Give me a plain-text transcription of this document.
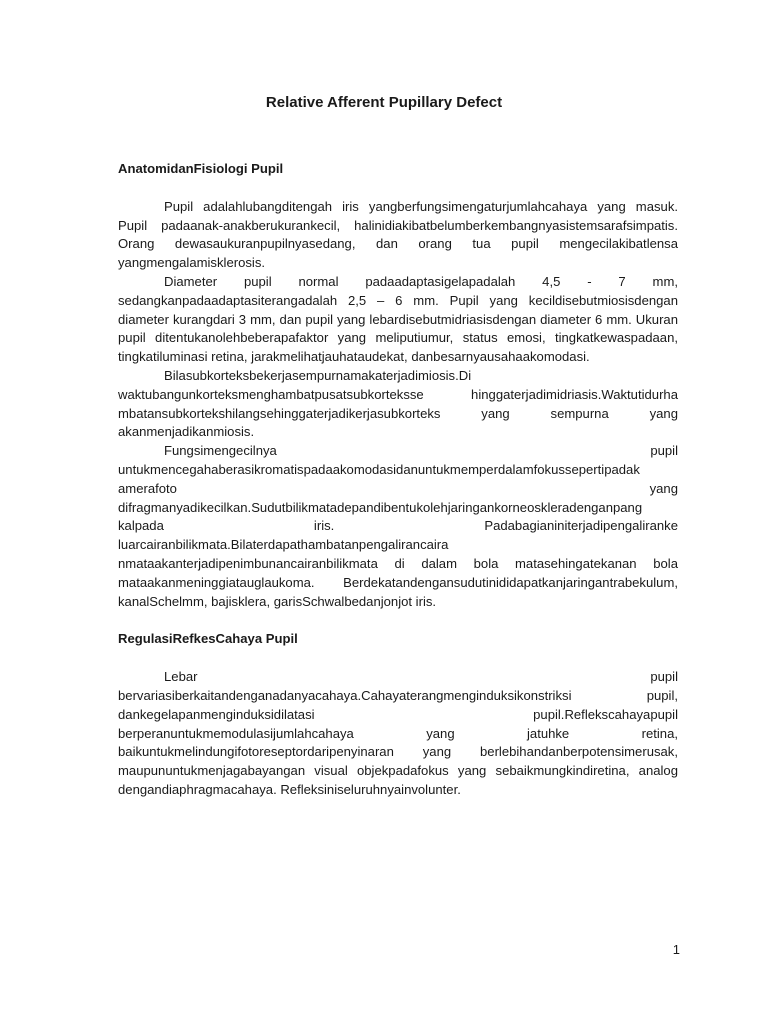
Relative Afferent Pupillary Defect

AnatomidanFisiologi Pupil

Pupil adalahlubangditengah iris yangberfungsimengaturjumlahcahaya yang masuk. Pupil padaanak-anakberukurankecil, halinidiakibatbelumberkembangnyasistemsarafsimpatis. Orang dewasaukuranpupilnyasedang, dan orang tua pupil mengecilakibatlensa yangmengalamisklerosis.

Diameter pupil normal padaadaptasigelapadalah 4,5 - 7 mm, sedangkanpadaadaptasiterangadalah 2,5 – 6 mm. Pupil yang kecildisebutmiosisdengan diameter kurangdari 3 mm, dan pupil yang lebardisebutmidriasisdengan diameter 6 mm. Ukuran pupil ditentukanolehbeberapafaktor yang meliputiumur, status emosi, tingkatkewaspadaan, tingkatiluminasi retina, jarakmelihatjauhataudekat, danbesarnyausahaakomodasi.

Bilasubkorteksbekerjasempurnamakaterjadimiosis.Di waktubangunkorteksmenghambatpusatsubkorteksse hinggaterjadimidriasis.Waktutidurha mbatansubkortekshilangsehinggaterjadikerjasubkorteks yang sempurna yang akanmenjadikanmiosis.

Fungsimengecilnya pupil untukmencegahaberasikromatispadaakomodasidanuntukmemperdalamfokussepertipadak amerafoto yang difragmanyadikecilkan.Sudutbilikmatadepandibentukolehjaringankorneoskleradenganpang kalpada iris. Padabagianiniterjadipengaliranke luarcairanbilikmata.Bilaterdapathambatanpengalirancaira nmataakanterjadipenimbunancairanbilikmata di dalam bola matasehingatekanan bola mataakanmeninggiatauglaukoma. Berdekatandengansudutinididapatkanjaringantrabekulum, kanalSchelmm, bajisklera, garisSchwalbedanjonjot iris.

RegulasiRefkesCahaya Pupil

Lebar pupil bervariasiberkaitandenganadanyacahaya.Cahayaterangmenginduksikonstriksi pupil, dankegelapanmenginduksidilatasi pupil.Reflekscahayapupil berperanuntukmemodulasijumlahcahaya yang jatuhke retina, baikuntukmelindungifotoreseptordaripenyinaran yang berlebihandanberpotensimerusak, maupununtukmenjagabayangan visual objekpadafokus yang sebaikmungkindiretina, analog dengandiaphragmacahaya. Refleksiniseluruhnyainvolunter.

1
